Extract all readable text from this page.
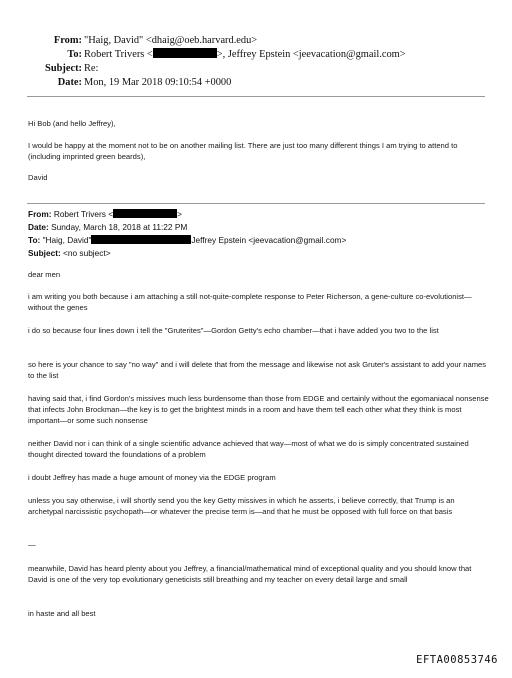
From: "Haig, David" <dhaig@oeb.harvard.edu>
To: Robert Trivers <	>, Jeffrey Epstein <jeevacation@gmail.com>
Subject: Re:
Date: Mon, 19 Mar 2018 09:10:54 +0000

Hi Bob (and hello Jeffrey),

I would be happy at the moment not to be on another mailing list. There are just too many different things I am trying to attend to (including imprinted green beards),

David

From: Robert Trivers <	>
Date: Sunday, March 18, 2018 at 11:22 PM
To: "Haig, David"	Jeffrey Epstein <jeevacation@gmail.com>
Subject: <no subject>

dear men

i am writing you both because i am attaching a still not-quite-complete response to Peter Richerson, a gene-culture co-evolutionist—without the genes

i do so because four lines down i tell the "Gruterites"—Gordon Getty's echo chamber—that i have added you two to the list

so here is your chance to say "no way" and i will delete that from the message and likewise not ask Gruter's assistant to add your names to the list

having said that, i find Gordon's missives much less burdensome than those from EDGE and certainly without the egomaniacal nonsense that infects John Brockman—the key is to get the brightest minds in a room and have them tell each other what they think is most important—or some such nonsense

neither David nor i can think of a single scientific advance achieved that way—most of what we do is simply concentrated sustained thought directed toward the foundations of a problem

i doubt Jeffrey has made a huge amount of money via the EDGE program

unless you say otherwise, i will shortly send you the key Getty missives in which he asserts, i believe correctly, that Trump is an archetypal narcissistic psychopath—or whatever the precise term is—and that he must be opposed with full force on that basis

—

meanwhile, David has heard plenty about you Jeffrey, a financial/mathematical mind of exceptional quality and you should know that David is one of the very top evolutionary geneticists still breathing and my teacher on every detail large and small

in haste and all best

EFTA00853746
